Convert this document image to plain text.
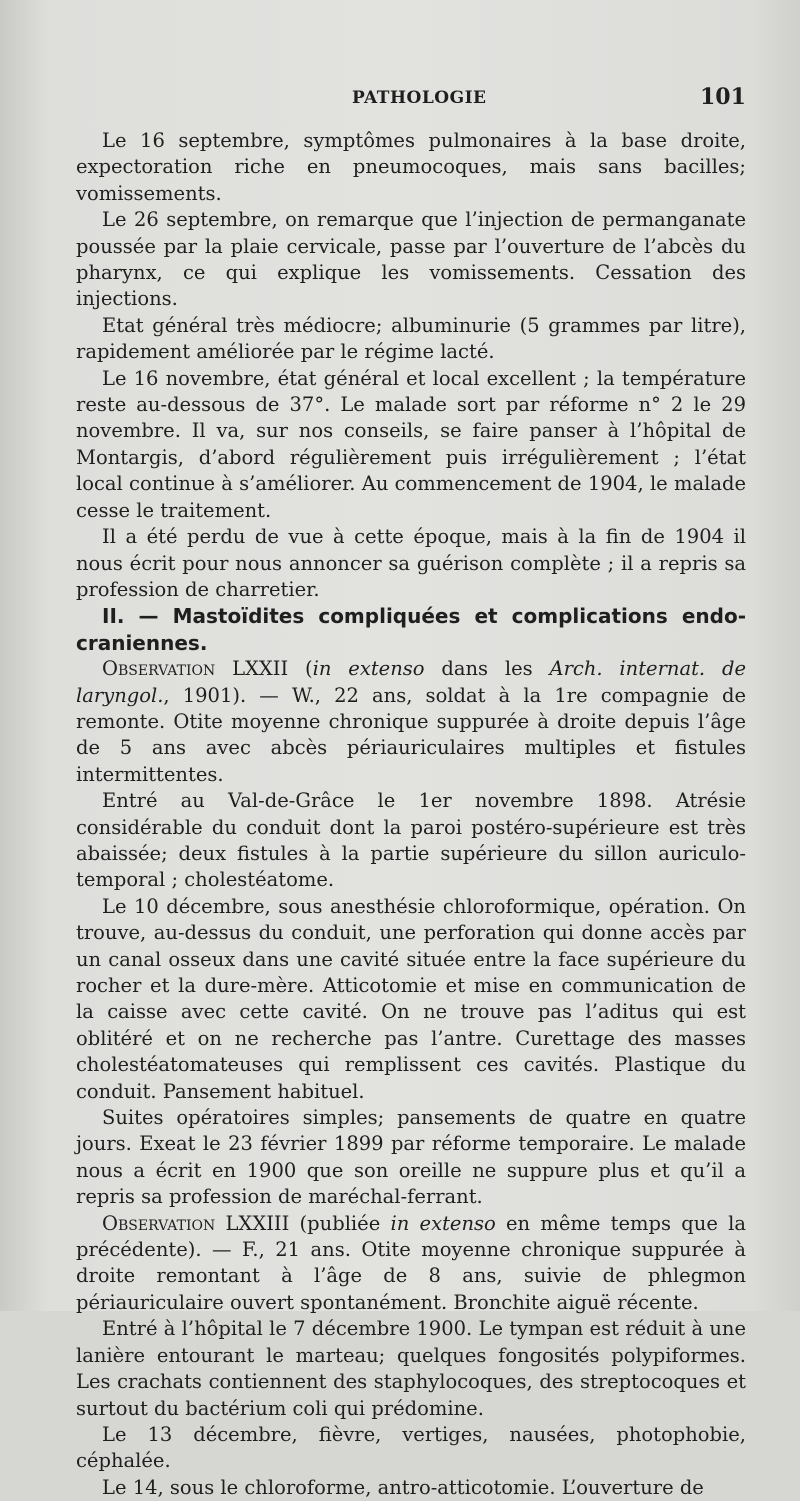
PATHOLOGIE	101

Le 16 septembre, symptômes pulmonaires à la base droite, expectoration riche en pneumocoques, mais sans bacilles; vomissements.

Le 26 septembre, on remarque que l’injection de permanganate poussée par la plaie cervicale, passe par l’ouverture de l’abcès du pharynx, ce qui explique les vomissements. Cessation des injections.

Etat général très médiocre; albuminurie (5 grammes par litre), rapidement améliorée par le régime lacté.

Le 16 novembre, état général et local excellent ; la température reste au-dessous de 37°. Le malade sort par réforme n° 2 le 29 novembre. Il va, sur nos conseils, se faire panser à l’hôpital de Montargis, d’abord régulièrement puis irrégulièrement ; l’état local continue à s’améliorer. Au commencement de 1904, le malade cesse le traitement.

Il a été perdu de vue à cette époque, mais à la fin de 1904 il nous écrit pour nous annoncer sa guérison complète ; il a repris sa profession de charretier.

II. — Mastoïdites compliquées et complications endo-craniennes.

Observation LXXII (in extenso dans les Arch. internat. de laryngol., 1901). — W., 22 ans, soldat à la 1re compagnie de remonte. Otite moyenne chronique suppurée à droite depuis l’âge de 5 ans avec abcès périauriculaires multiples et fistules intermittentes.

Entré au Val-de-Grâce le 1er novembre 1898. Atrésie considérable du conduit dont la paroi postéro-supérieure est très abaissée; deux fistules à la partie supérieure du sillon auriculo-temporal ; cholestéatome.

Le 10 décembre, sous anesthésie chloroformique, opération. On trouve, au-dessus du conduit, une perforation qui donne accès par un canal osseux dans une cavité située entre la face supérieure du rocher et la dure-mère. Atticotomie et mise en communication de la caisse avec cette cavité. On ne trouve pas l’aditus qui est oblitéré et on ne recherche pas l’antre. Curettage des masses cholestéatomateuses qui remplissent ces cavités. Plastique du conduit. Pansement habituel.

Suites opératoires simples; pansements de quatre en quatre jours. Exeat le 23 février 1899 par réforme temporaire. Le malade nous a écrit en 1900 que son oreille ne suppure plus et qu’il a repris sa profession de maréchal-ferrant.

Observation LXXIII (publiée in extenso en même temps que la précédente). — F., 21 ans. Otite moyenne chronique suppurée à droite remontant à l’âge de 8 ans, suivie de phlegmon périauriculaire ouvert spontanément. Bronchite aiguë récente.

Entré à l’hôpital le 7 décembre 1900. Le tympan est réduit à une lanière entourant le marteau; quelques fongosités polypiformes. Les crachats contiennent des staphylocoques, des streptocoques et surtout du bactérium coli qui prédomine.

Le 13 décembre, fièvre, vertiges, nausées, photophobie, céphalée.

Le 14, sous le chloroforme, antro-atticotomie. L’ouverture de
